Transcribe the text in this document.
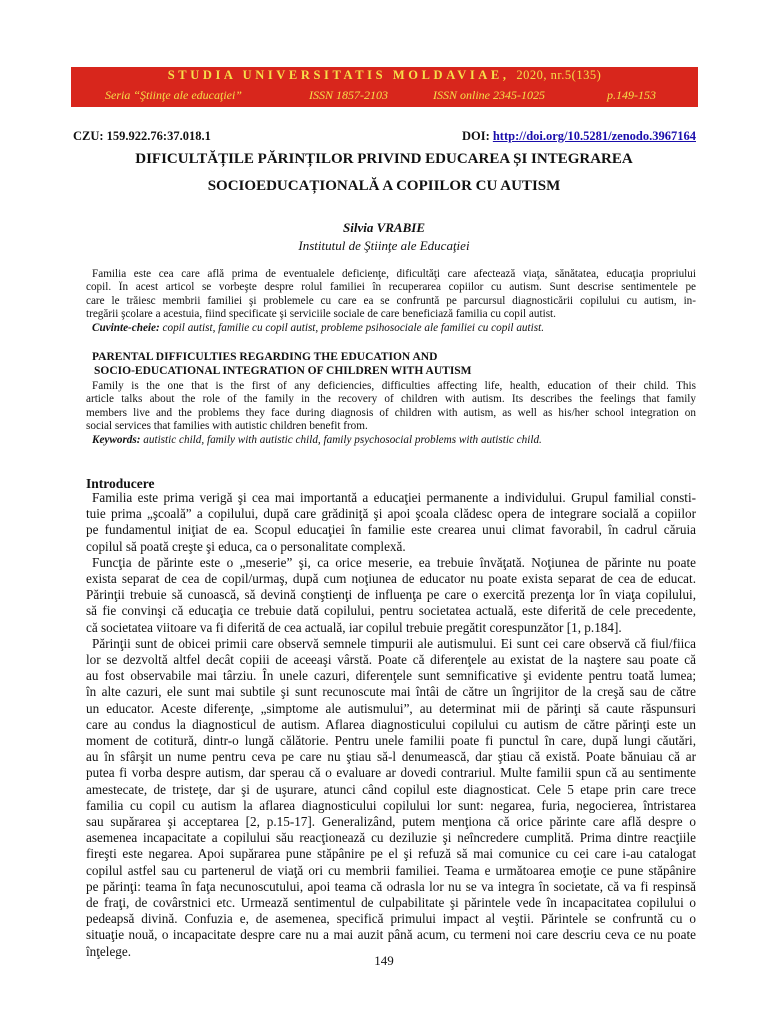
STUDIA UNIVERSITATIS MOLDAVIAE, 2020, nr.5(135)
Seria “Ştiinţe ale educaţiei”	ISSN 1857-2103	ISSN online 2345-1025	p.149-153
CZU: 159.922.76:37.018.1	DOI: http://doi.org/10.5281/zenodo.3967164
DIFICULTĂȚILE PĂRINȚILOR PRIVIND EDUCAREA ȘI INTEGRAREA
SOCIOEDUCAȚIONALĂ A COPIILOR CU AUTISM
Silvia VRABIE
Institutul de Ştiinţe ale Educaţiei
Familia este cea care află prima de eventualele deficienţe, dificultăţi care afectează viaţa, sănătatea, educaţia propriului
copil. În acest articol se vorbeşte despre rolul familiei în recuperarea copiilor cu autism. Sunt descrise sentimentele pe
care le trăiesc membrii familiei şi problemele cu care ea se confruntă pe parcursul diagnosticării copilului cu autism, in-
tregării şcolare a acestuia, fiind specificate şi serviciile sociale de care beneficiază familia cu copil autist.
Cuvinte-cheie: copil autist, familie cu copil autist, probleme psihosociale ale familiei cu copil autist.
PARENTAL DIFFICULTIES REGARDING THE EDUCATION AND
SOCIO-EDUCATIONAL INTEGRATION OF CHILDREN WITH AUTISM
Family is the one that is the first of any deficiencies, difficulties affecting life, health, education of their child. This
article talks about the role of the family in the recovery of children with autism. Its describes the feelings that family
members live and the problems they face during diagnosis of children with autism, as well as his/her school integration on
social services that families with autistic children benefit from.
Keywords: autistic child, family with autistic child, family psychosocial problems with autistic child.
Introducere
Familia este prima verigă şi cea mai importantă a educaţiei permanente a individului. Grupul familial consti-
tuie prima „şcoală” a copilului, după care grădiniţă şi apoi şcoala clădesc opera de integrare socială a copiilor
pe fundamentul iniţiat de ea. Scopul educaţiei în familie este crearea unui climat favorabil, în cadrul căruia
copilul să poată creşte şi educa, ca o personalitate complexă.
Funcţia de părinte este o „meserie” şi, ca orice meserie, ea trebuie învăţată. Noţiunea de părinte nu poate
exista separat de cea de copil/urmaş, după cum noţiunea de educator nu poate exista separat de cea de educat.
Părinţii trebuie să cunoască, să devină conştienţi de influenţa pe care o exercită prezenţa lor în viaţa copilului,
să fie convinşi că educaţia ce trebuie dată copilului, pentru societatea actuală, este diferită de cele precedente,
că societatea viitoare va fi diferită de cea actuală, iar copilul trebuie pregătit corespunzător [1, p.184].
Părinţii sunt de obicei primii care observă semnele timpurii ale autismului. Ei sunt cei care observă că fiul/fiica
lor se dezvoltă altfel decât copiii de aceeaşi vârstă. Poate că diferenţele au existat de la naştere sau poate că
au fost observabile mai târziu. În unele cazuri, diferenţele sunt semnificative şi evidente pentru toată lumea;
în alte cazuri, ele sunt mai subtile şi sunt recunoscute mai întâi de către un îngrijitor de la creşă sau de către
un educator. Aceste diferenţe, „simptome ale autismului”, au determinat mii de părinţi să caute răspunsuri
care au condus la diagnosticul de autism. Aflarea diagnosticului copilului cu autism de către părinţi este un
moment de cotitură, dintr-o lungă călătorie. Pentru unele familii poate fi punctul în care, după lungi căutări,
au în sfârşit un nume pentru ceva pe care nu ştiau să-l denumească, dar ştiau că există. Poate bănuiau că ar
putea fi vorba despre autism, dar sperau că o evaluare ar dovedi contrariul. Multe familii spun că au sentimente
amestecate, de tristeţe, dar şi de uşurare, atunci când copilul este diagnosticat. Cele 5 etape prin care trece
familia cu copil cu autism la aflarea diagnosticului copilului lor sunt: negarea, furia, negocierea, întristarea
sau supărarea şi acceptarea [2, p.15-17]. Generalizând, putem menţiona că orice părinte care află despre o
asemenea incapacitate a copilului său reacţionează cu deziluzie şi neîncredere cumplită. Prima dintre reacţiile
fireşti este negarea. Apoi supărarea pune stăpânire pe el şi refuză să mai comunice cu cei care i-au catalogat
copilul astfel sau cu partenerul de viaţă ori cu membrii familiei. Teama e următoarea emoţie ce pune stăpânire
pe părinţi: teama în faţa necunoscutului, apoi teama că odrasla lor nu se va integra în societate, că va fi respinsă
de fraţi, de covârstnici etc. Urmează sentimentul de culpabilitate şi părintele vede în incapacitatea copilului o
pedeapsă divină. Confuzia e, de asemenea, specifică primului impact al veştii. Părintele se confruntă cu o
situaţie nouă, o incapacitate despre care nu a mai auzit până acum, cu termeni noi care descriu ceva ce nu poate
înţelege.
149
